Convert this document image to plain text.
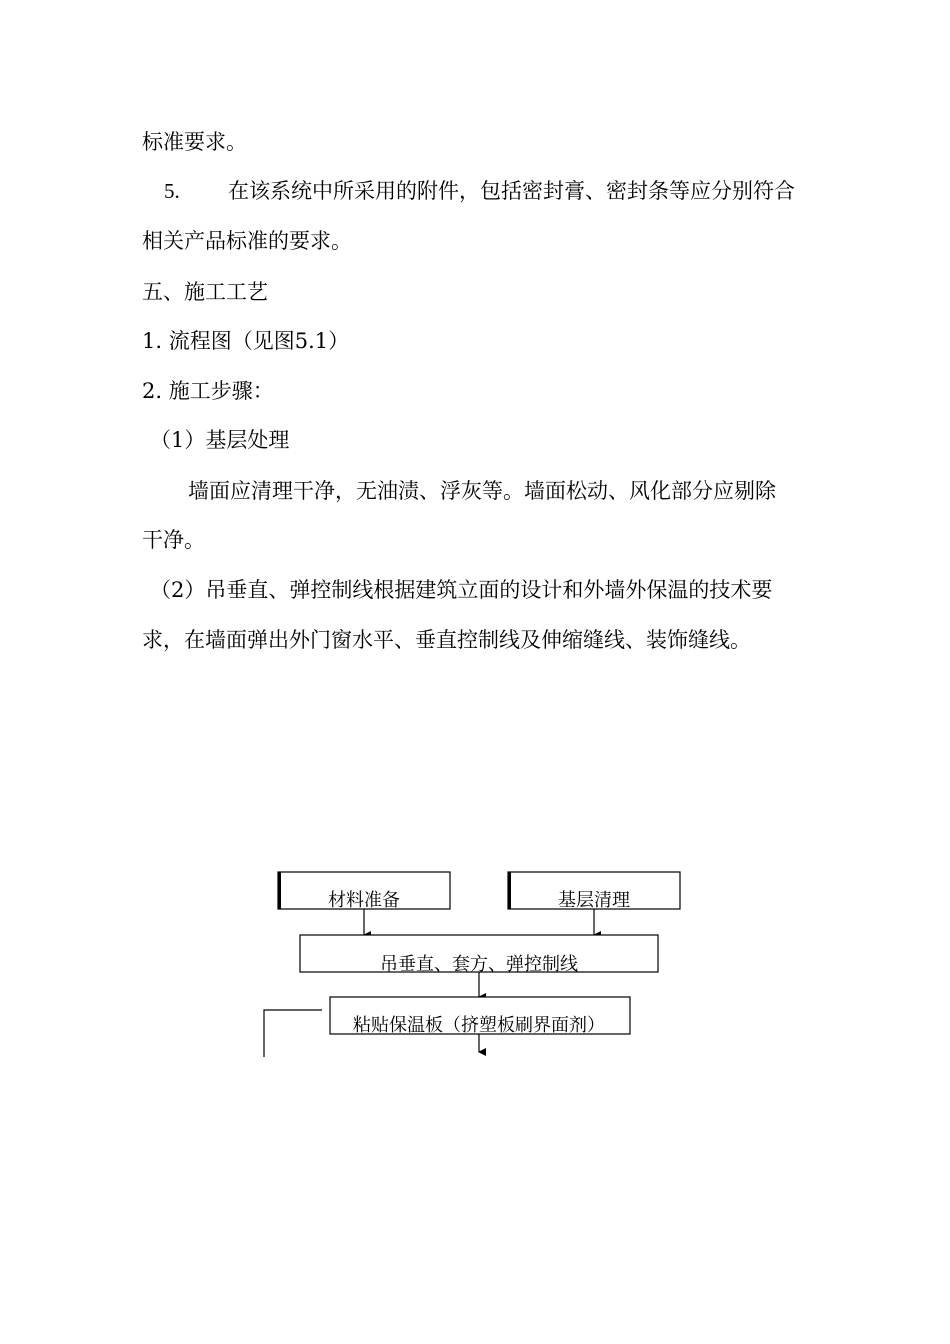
标准要求。
5. 在该系统中所采用的附件，包括密封膏、密封条等应分别符合
相关产品标准的要求。
五、施工工艺
1. 流程图（见图5.1）
2. 施工步骤：
（1）基层处理
墙面应清理干净，无油渍、浮灰等。墙面松动、风化部分应剔除
干净。
（2）吊垂直、弹控制线根据建筑立面的设计和外墙外保温的技术要
求，在墙面弹出外门窗水平、垂直控制线及伸缩缝线、装饰缝线。
材料准备	基层清理
吊垂直、套方、弹控制线
粘贴保温板（挤塑板刷界面剂）
